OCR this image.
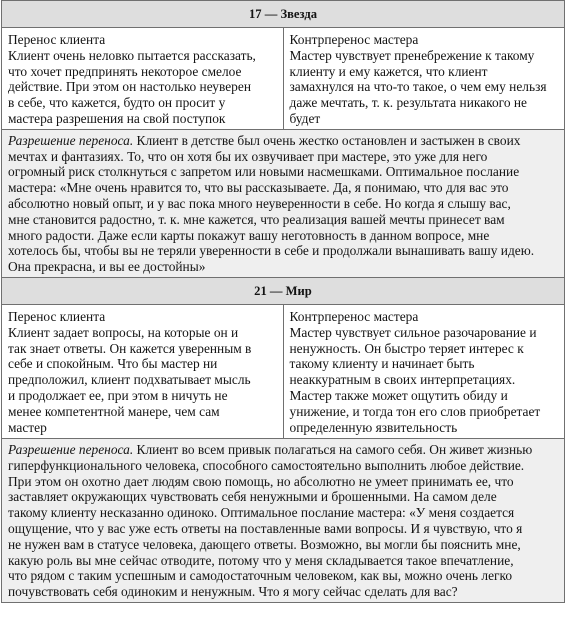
17 — Звезда

Перенос клиента
Клиент очень неловко пытается рассказать,
что хочет предпринять некоторое смелое
действие. При этом он настолько неуверен
в себе, что кажется, будто он просит у
мастера разрешения на свой поступок

Контрперенос мастера
Мастер чувствует пренебрежение к такому
клиенту и ему кажется, что клиент
замахнулся на что-то такое, о чем ему нельзя
даже мечтать, т. к. результата никакого не
будет

Разрешение переноса. Клиент в детстве был очень жестко остановлен и застыжен в своих
мечтах и фантазиях. То, что он хотя бы их озвучивает при мастере, это уже для него
огромный риск столкнуться с запретом или новыми насмешками. Оптимальное послание
мастера: «Мне очень нравится то, что вы рассказываете. Да, я понимаю, что для вас это
абсолютно новый опыт, и у вас пока много неуверенности в себе. Но когда я слышу вас,
мне становится радостно, т. к. мне кажется, что реализация вашей мечты принесет вам
много радости. Даже если карты покажут вашу неготовность в данном вопросе, мне
хотелось бы, чтобы вы не теряли уверенности в себе и продолжали вынашивать вашу идею.
Она прекрасна, и вы ее достойны»
21 — Мир

Перенос клиента
Клиент задает вопросы, на которые он и
так знает ответы. Он кажется уверенным в
себе и спокойным. Что бы мастер ни
предположил, клиент подхватывает мысль
и продолжает ее, при этом в ничуть не
менее компетентной манере, чем сам
мастер

Контрперенос мастера
Мастер чувствует сильное разочарование и
ненужность. Он быстро теряет интерес к
такому клиенту и начинает быть
неаккуратным в своих интерпретациях.
Мастер также может ощутить обиду и
унижение, и тогда тон его слов приобретает
определенную язвительность

Разрешение переноса. Клиент во всем привык полагаться на самого себя. Он живет жизнью
гиперфункционального человека, способного самостоятельно выполнить любое действие.
При этом он охотно дает людям свою помощь, но абсолютно не умеет принимать ее, что
заставляет окружающих чувствовать себя ненужными и брошенными. На самом деле
такому клиенту несказанно одиноко. Оптимальное послание мастера: «У меня создается
ощущение, что у вас уже есть ответы на поставленные вами вопросы. И я чувствую, что я
не нужен вам в статусе человека, дающего ответы. Возможно, вы могли бы пояснить мне,
какую роль вы мне сейчас отводите, потому что у меня складывается такое впечатление,
что рядом с таким успешным и самодостаточным человеком, как вы, можно очень легко
почувствовать себя одиноким и ненужным. Что я могу сейчас сделать для вас?
